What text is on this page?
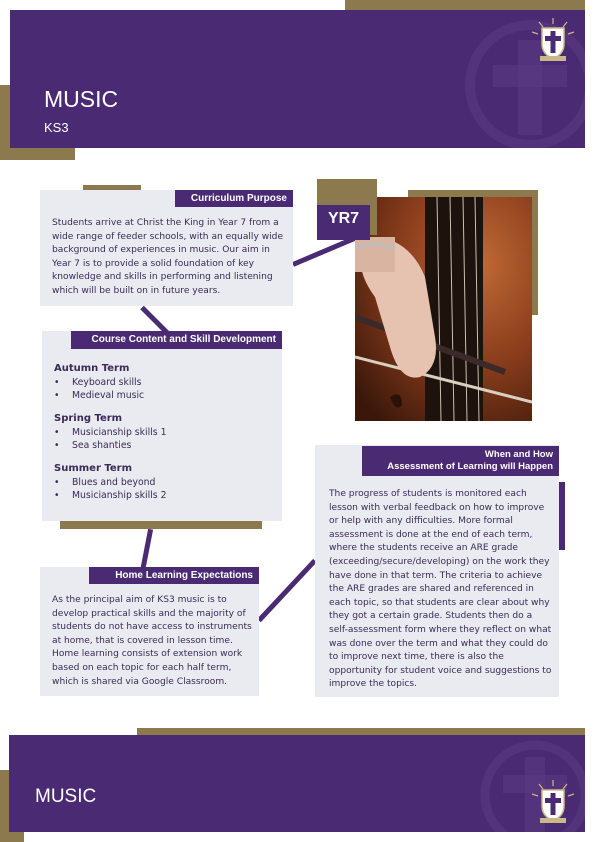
MUSIC
KS3
Students arrive at Christ the King in Year 7 from a wide range of feeder schools, with an equally wide background of experiences in music. Our aim in Year 7 is to provide a solid foundation of key knowledge and skills in performing and listening which will be built on in future years.
Curriculum Purpose
YR7
Autumn Term
• Keyboard skills
• Medieval music
Spring Term
• Musicianship skills 1
• Sea shanties
Summer Term
• Blues and beyond
• Musicianship skills 2
Course Content and Skill Development
As the principal aim of KS3 music is to develop practical skills and the majority of students do not have access to instruments at home, that is covered in lesson time. Home learning consists of extension work based on each topic for each half term, which is shared via Google Classroom.
Home Learning Expectations
The progress of students is monitored each lesson with verbal feedback on how to improve or help with any difficulties. More formal assessment is done at the end of each term, where the students receive an ARE grade (exceeding/secure/developing) on the work they have done in that term. The criteria to achieve the ARE grades are shared and referenced in each topic, so that students are clear about why they got a certain grade. Students then do a self-assessment form where they reflect on what was done over the term and what they could do to improve next time, there is also the opportunity for student voice and suggestions to improve the topics.
When and How
Assessment of Learning will Happen
MUSIC
